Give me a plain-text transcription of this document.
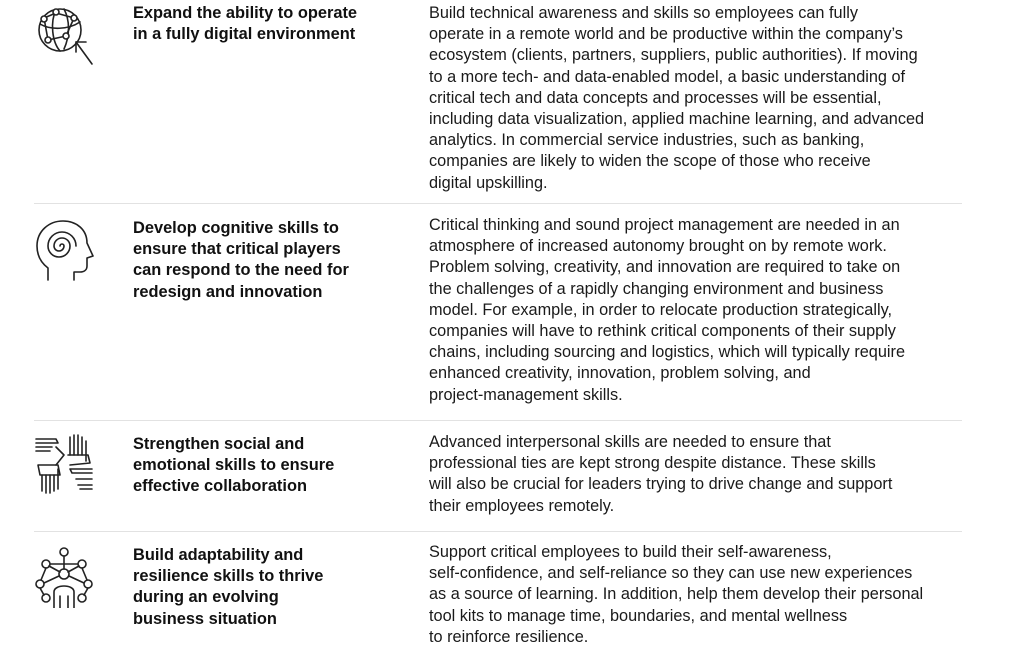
Expand the ability to operate
in a fully digital environment
Build technical awareness and skills so employees can fully
operate in a remote world and be productive within the company’s
ecosystem (clients, partners, suppliers, public authorities). If moving
to a more tech- and data-enabled model, a basic understanding of
critical tech and data concepts and processes will be essential,
including data visualization, applied machine learning, and advanced
analytics. In commercial service industries, such as banking,
companies are likely to widen the scope of those who receive
digital upskilling.
Develop cognitive skills to
ensure that critical players
can respond to the need for
redesign and innovation
Critical thinking and sound project management are needed in an
atmosphere of increased autonomy brought on by remote work.
Problem solving, creativity, and innovation are required to take on
the challenges of a rapidly changing environment and business
model. For example, in order to relocate production strategically,
companies will have to rethink critical components of their supply
chains, including sourcing and logistics, which will typically require
enhanced creativity, innovation, problem solving, and
project-management skills.
Strengthen social and
emotional skills to ensure
effective collaboration
Advanced interpersonal skills are needed to ensure that
professional ties are kept strong despite distance. These skills
will also be crucial for leaders trying to drive change and support
their employees remotely.
Build adaptability and
resilience skills to thrive
during an evolving
business situation
Support critical employees to build their self-awareness,
self-confidence, and self-reliance so they can use new experiences
as a source of learning. In addition, help them develop their personal
tool kits to manage time, boundaries, and mental wellness
to reinforce resilience.
